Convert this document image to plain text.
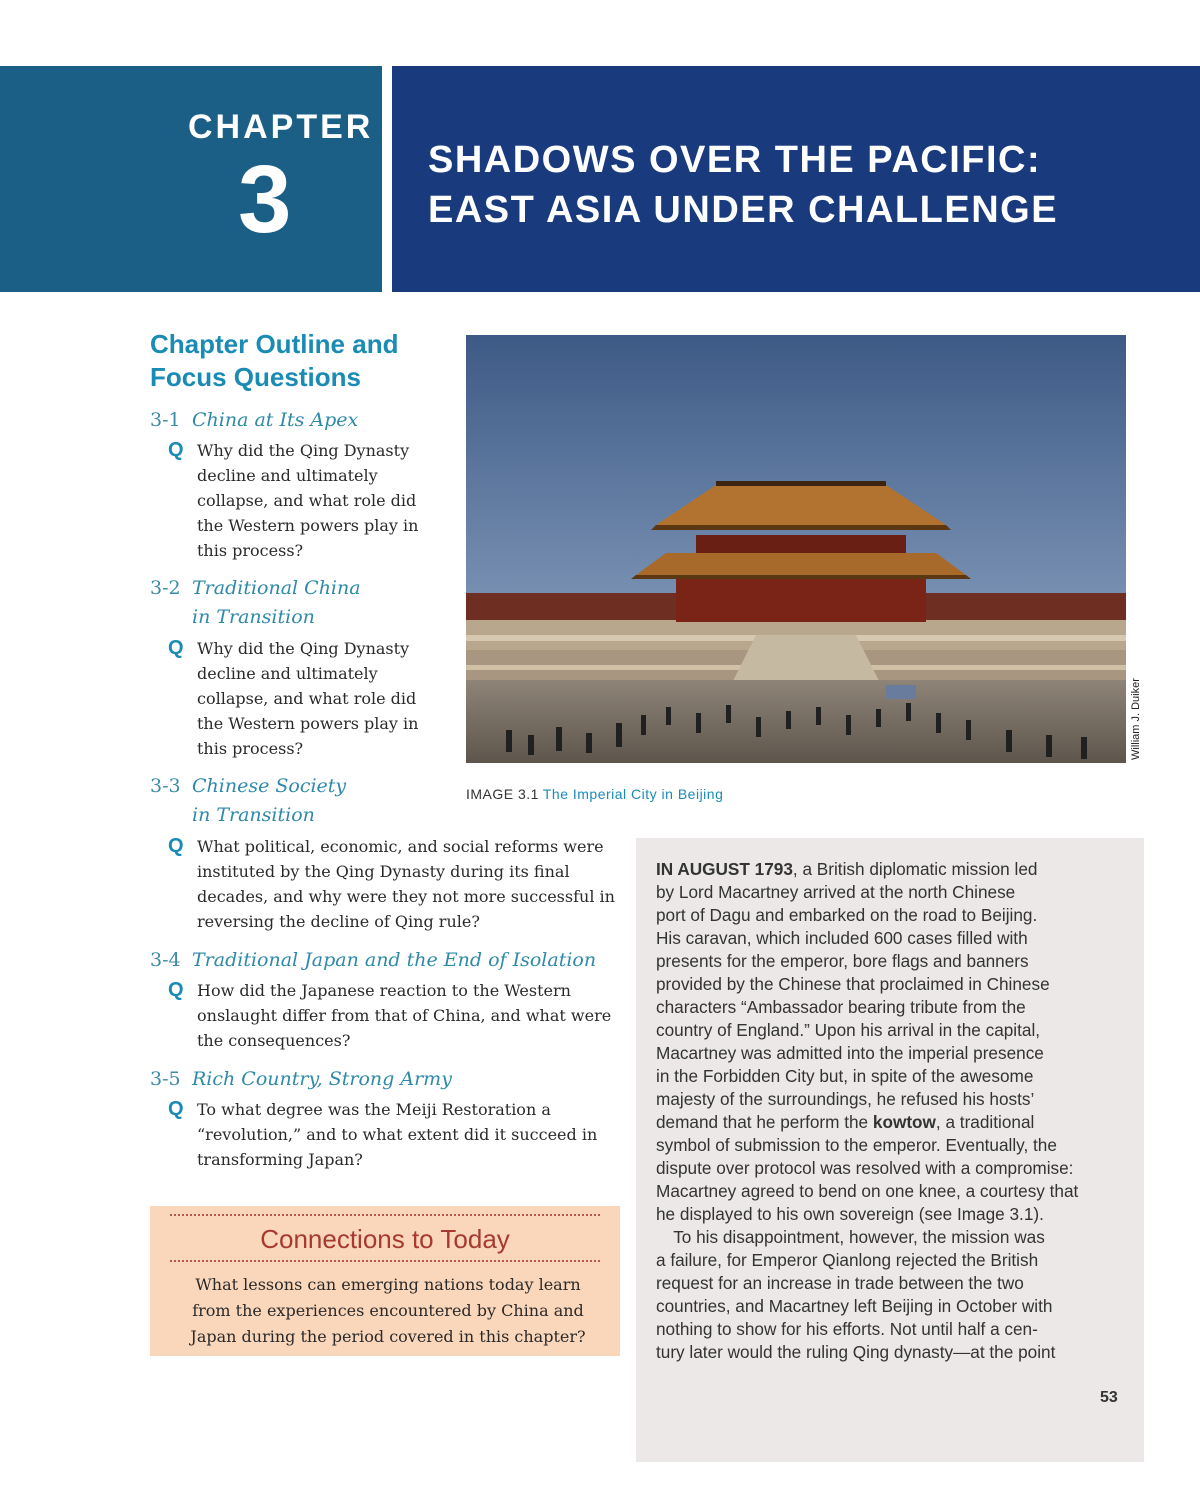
CHAPTER
3	SHADOWS OVER THE PACIFIC:
EAST ASIA UNDER CHALLENGE
Chapter Outline and
Focus Questions
3-1 China at Its Apex
Q Why did the Qing Dynasty
decline and ultimately
collapse, and what role did
the Western powers play in
this process?
3-2 Traditional China
in Transition
Q Why did the Qing Dynasty
decline and ultimately
collapse, and what role did
the Western powers play in
this process?
3-3 Chinese Society
in Transition
Q What political, economic, and social reforms were
instituted by the Qing Dynasty during its final
decades, and why were they not more successful in
reversing the decline of Qing rule?
3-4 Traditional Japan and the End of Isolation
Q How did the Japanese reaction to the Western
onslaught differ from that of China, and what were
the consequences?
3-5 Rich Country, Strong Army
Q To what degree was the Meiji Restoration a
“revolution,” and to what extent did it succeed in
transforming Japan?
William J. Duiker
IMAGE 3.1 The Imperial City in Beijing
Connections to Today
What lessons can emerging nations today learn
from the experiences encountered by China and
Japan during the period covered in this chapter?
IN AUGUST 1793, a British diplomatic mission led
by Lord Macartney arrived at the north Chinese
port of Dagu and embarked on the road to Beijing.
His caravan, which included 600 cases filled with
presents for the emperor, bore flags and banners
provided by the Chinese that proclaimed in Chinese
characters “Ambassador bearing tribute from the
country of England.” Upon his arrival in the capital,
Macartney was admitted into the imperial presence
in the Forbidden City but, in spite of the awesome
majesty of the surroundings, he refused his hosts’
demand that he perform the kowtow, a traditional
symbol of submission to the emperor. Eventually, the
dispute over protocol was resolved with a compromise:
Macartney agreed to bend on one knee, a courtesy that
he displayed to his own sovereign (see Image 3.1).
 To his disappointment, however, the mission was
a failure, for Emperor Qianlong rejected the British
request for an increase in trade between the two
countries, and Macartney left Beijing in October with
nothing to show for his efforts. Not until half a cen-
tury later would the ruling Qing dynasty—at the point
53
